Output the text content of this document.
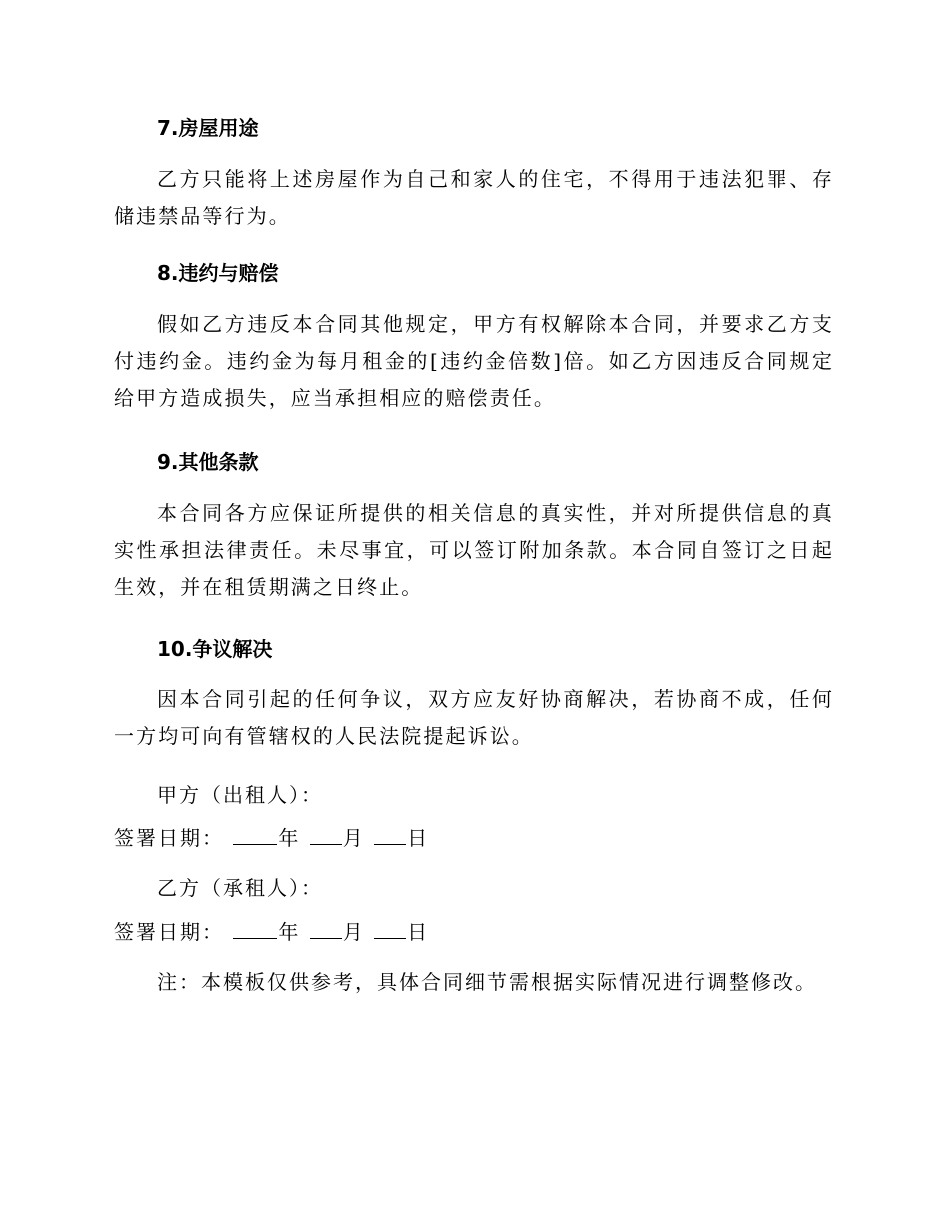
7.房屋用途
乙方只能将上述房屋作为自己和家人的住宅，不得用于违法犯罪、存储违禁品等行为。
8.违约与赔偿
假如乙方违反本合同其他规定，甲方有权解除本合同，并要求乙方支付违约金。违约金为每月租金的[违约金倍数]倍。如乙方因违反合同规定给甲方造成损失，应当承担相应的赔偿责任。
9.其他条款
本合同各方应保证所提供的相关信息的真实性，并对所提供信息的真实性承担法律责任。未尽事宜，可以签订附加条款。本合同自签订之日起生效，并在租赁期满之日终止。
10.争议解决
因本合同引起的任何争议，双方应友好协商解决，若协商不成，任何一方均可向有管辖权的人民法院提起诉讼。
甲方（出租人）：
签署日期：	年 月 日
乙方（承租人）：
签署日期：	年 月 日
注：本模板仅供参考，具体合同细节需根据实际情况进行调整修改。
